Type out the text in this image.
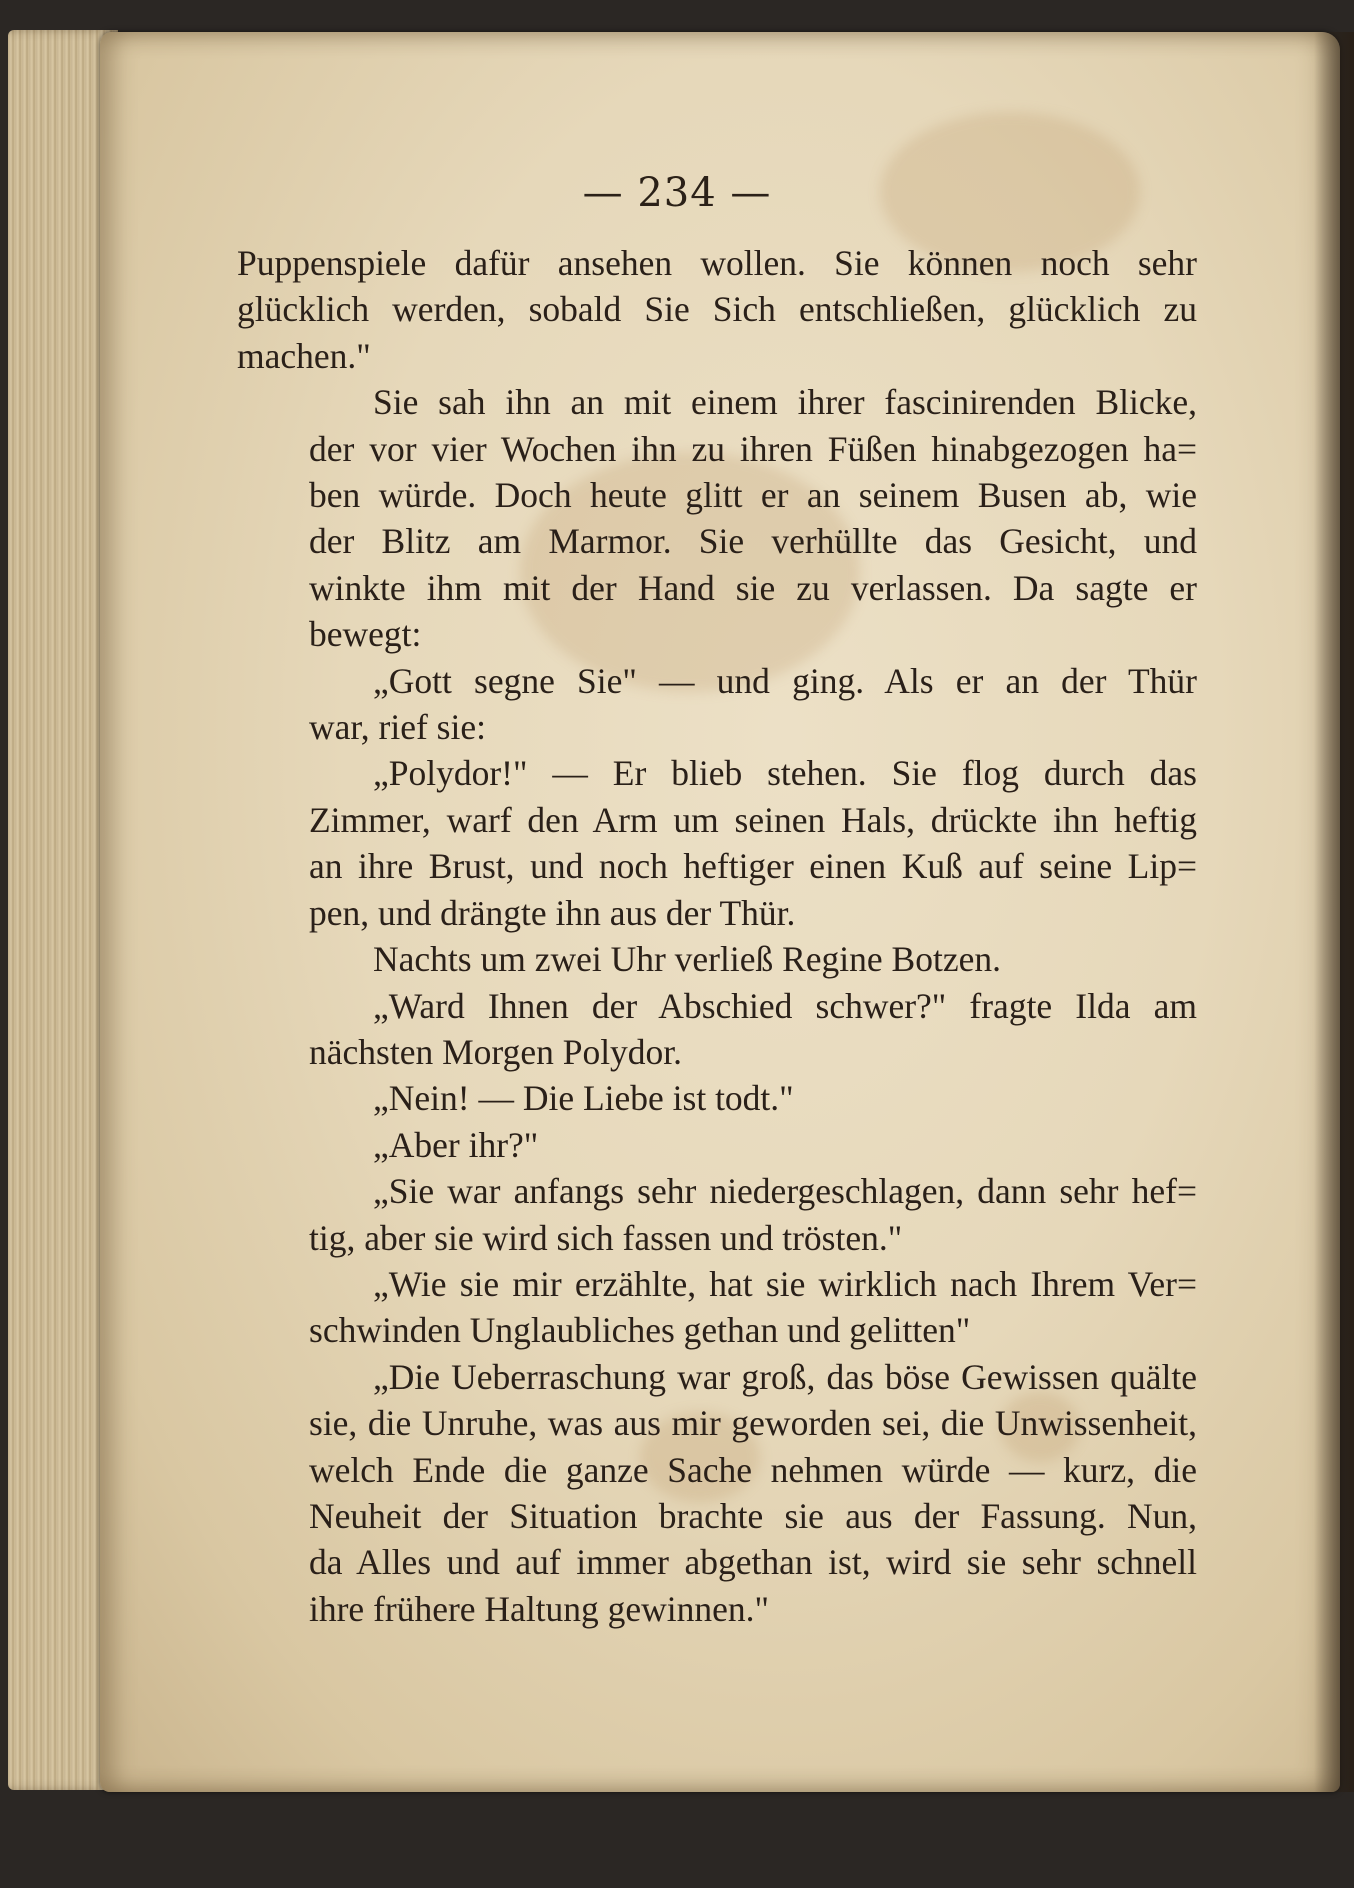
— 234 —
Puppenspiele dafür ansehen wollen. Sie können noch sehr
glücklich werden, sobald Sie Sich entschließen, glücklich zu
machen."
Sie sah ihn an mit einem ihrer fascinirenden Blicke,
der vor vier Wochen ihn zu ihren Füßen hinabgezogen ha=
ben würde. Doch heute glitt er an seinem Busen ab, wie
der Blitz am Marmor. Sie verhüllte das Gesicht, und
winkte ihm mit der Hand sie zu verlassen. Da sagte er
bewegt:
„Gott segne Sie" — und ging. Als er an der Thür
war, rief sie:
„Polydor!" — Er blieb stehen. Sie flog durch das
Zimmer, warf den Arm um seinen Hals, drückte ihn heftig
an ihre Brust, und noch heftiger einen Kuß auf seine Lip=
pen, und drängte ihn aus der Thür.
Nachts um zwei Uhr verließ Regine Botzen.
„Ward Ihnen der Abschied schwer?" fragte Ilda am
nächsten Morgen Polydor.
„Nein! — Die Liebe ist todt."
„Aber ihr?"
„Sie war anfangs sehr niedergeschlagen, dann sehr hef=
tig, aber sie wird sich fassen und trösten."
„Wie sie mir erzählte, hat sie wirklich nach Ihrem Ver=
schwinden Unglaubliches gethan und gelitten"
„Die Ueberraschung war groß, das böse Gewissen quälte
sie, die Unruhe, was aus mir geworden sei, die Unwissenheit,
welch Ende die ganze Sache nehmen würde — kurz, die
Neuheit der Situation brachte sie aus der Fassung. Nun,
da Alles und auf immer abgethan ist, wird sie sehr schnell
ihre frühere Haltung gewinnen."
